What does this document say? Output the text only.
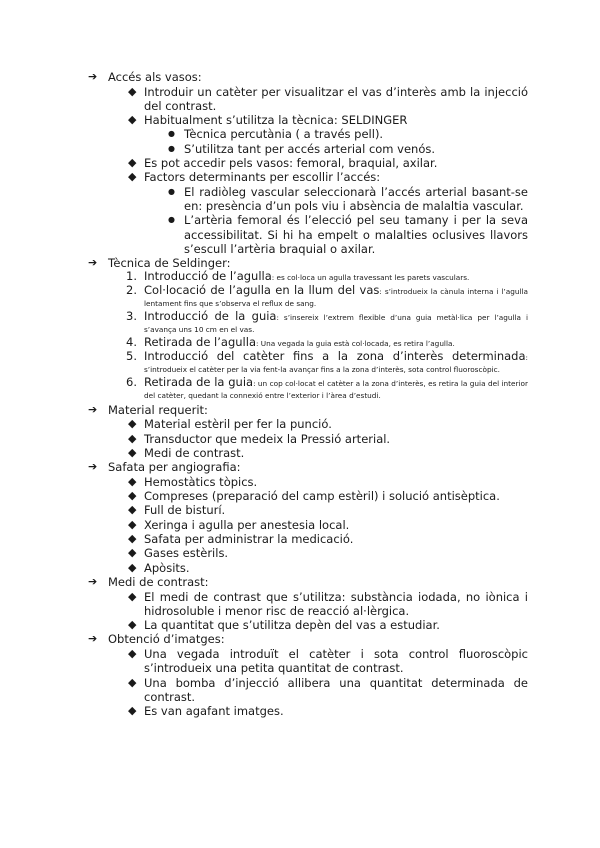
➔ Accés als vasos:
◆ Introduir un catèter per visualitzar el vas d’interès amb la injecció del contrast.
◆ Habitualment s’utilitza la tècnica: SELDINGER
● Tècnica percutània ( a través pell).
● S’utilitza tant per accés arterial com venós.
◆ Es pot accedir pels vasos: femoral, braquial, axilar.
◆ Factors determinants per escollir l’accés:
● El radiòleg vascular seleccionarà l’accés arterial basant-se en: presència d’un pols viu i absència de malaltia vascular.
● L’artèria femoral és l’elecció pel seu tamany i per la seva accessibilitat. Si hi ha empelt o malalties oclusives llavors s’escull l’artèria braquial o axilar.
➔ Tècnica de Seldinger:
1. Introducció de l’agulla: es col·loca un agulla travessant les parets vasculars.
2. Col·locació de l’agulla en la llum del vas: s’introdueix la cànula interna i l’agulla lentament fins que s’observa el reflux de sang.
3. Introducció de la guia: s’insereix l’extrem flexible d’una guia metàl·lica per l’agulla i s’avança uns 10 cm en el vas.
4. Retirada de l’agulla: Una vegada la guia està col·locada, es retira l’agulla.
5. Introducció del catèter fins a la zona d’interès determinada: s’introdueix el catèter per la via fent-la avançar fins a la zona d’interès, sota control fluoroscòpic.
6. Retirada de la guia: un cop col·locat el catèter a la zona d’interès, es retira la guia del interior del catèter, quedant la connexió entre l’exterior i l’àrea d’estudi.
➔ Material requerit:
◆ Material estèril per fer la punció.
◆ Transductor que medeix la Pressió arterial.
◆ Medi de contrast.
➔ Safata per angiografia:
◆ Hemostàtics tòpics.
◆ Compreses (preparació del camp estèril) i solució antisèptica.
◆ Full de bisturí.
◆ Xeringa i agulla per anestesia local.
◆ Safata per administrar la medicació.
◆ Gases estèrils.
◆ Apòsits.
➔ Medi de contrast:
◆ El medi de contrast que s’utilitza: substància iodada, no iònica i hidrosoluble i menor risc de reacció al·lèrgica.
◆ La quantitat que s’utilitza depèn del vas a estudiar.
➔ Obtenció d’imatges:
◆ Una vegada introduït el catèter i sota control fluoroscòpic s’introdueix una petita quantitat de contrast.
◆ Una bomba d’injecció allibera una quantitat determinada de contrast.
◆ Es van agafant imatges.
